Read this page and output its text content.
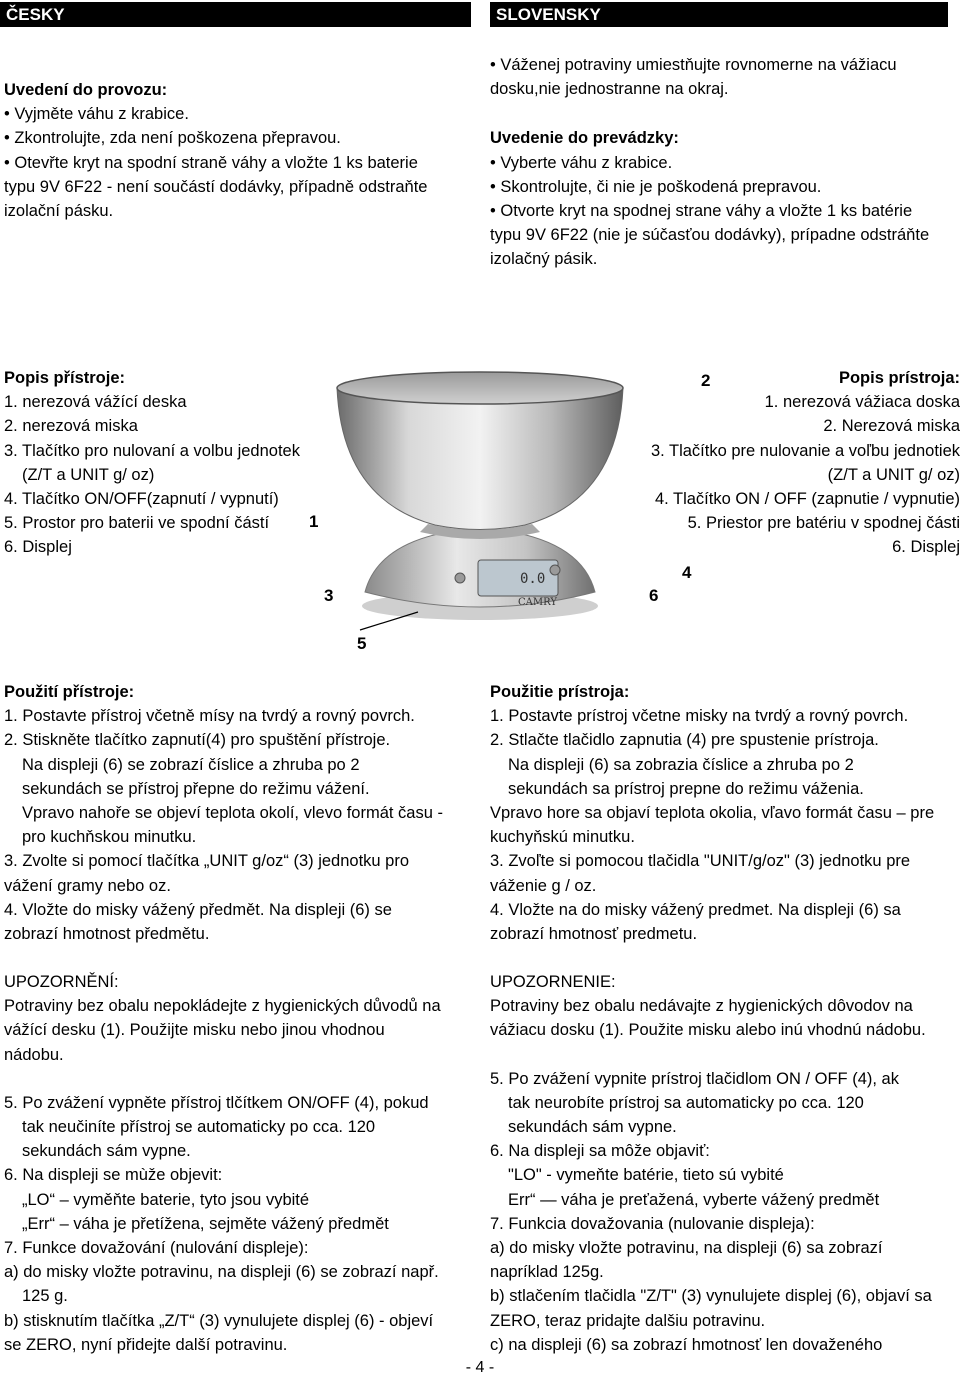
ČESKY	SLOVENSKY

Uvedení do provozu:

• Vyjměte váhu z krabice.

• Zkontrolujte, zda není poškozena přepravou.

• Otevřte kryt na spodní straně váhy a vložte 1 ks baterie

typu 9V 6F22 - není součástí dodávky, případně odstraňte

izolační pásku.

• Váženej potraviny umiestňujte rovnomerne na vážiacu

dosku,nie jednostranne na okraj.

Uvedenie do prevádzky:

• Vyberte váhu z krabice.

• Skontrolujte, či nie je poškodená prepravou.

• Otvorte kryt na spodnej strane váhy a vložte 1 ks batérie

typu 9V 6F22 (nie je súčasťou dodávky), prípadne odstráňte

izolačný pásik.

Popis přístroje:

1. nerezová vážící deska

2. nerezová miska

3. Tlačítko pro nulovaní a volbu jednotek

(Z/T a UNIT g/ oz)

4. Tlačítko ON/OFF(zapnutí / vypnutí)

5. Prostor pro baterii ve spodní částí

6. Displej

Popis prístroja:

1. nerezová vážiaca doska

2. Nerezová miska

3. Tlačítko pre nulovanie a voľbu jednotiek

(Z/T a UNIT g/ oz)

4. Tlačítko ON / OFF (zapnutie / vypnutie)

5. Priestor pre batériu v spodnej části

6. Displej

0.0
CAMRY
1
2
3
4
5
6

Použití přístroje:

1. Postavte přístroj včetně mísy na tvrdý a rovný povrch.

2. Stiskněte tlačítko zapnutí(4) pro spuštění přístroje.

Na displeji (6) se zobrazí číslice a zhruba po 2

sekundách se přístroj přepne do režimu vážení.

Vpravo nahoře se objeví teplota okolí, vlevo formát času -

pro kuchňskou minutku.

3. Zvolte si pomocí tlačítka „UNIT g/oz“ (3) jednotku pro

vážení gramy nebo oz.

4. Vložte do misky vážený předmět. Na displeji (6) se

zobrazí hmotnost předmětu.

Použitie prístroja:

1. Postavte prístroj včetne misky na tvrdý a rovný povrch.

2. Stlačte tlačidlo zapnutia (4) pre spustenie prístroja.

Na displeji (6) sa zobrazia číslice a zhruba po 2

sekundách sa prístroj prepne do režimu váženia.

Vpravo hore sa objaví teplota okolia, vľavo formát času – pre

kuchyňskú minutku.

3. Zvoľte si pomocou tlačidla "UNIT/g/oz" (3) jednotku pre

váženie g / oz.

4. Vložte na do misky vážený predmet. Na displeji (6) sa

zobrazí hmotnosť predmetu.

UPOZORNĚNÍ:

Potraviny bez obalu nepokládejte z hygienických důvodů na

vážící desku (1). Použijte misku nebo jinou vhodnou

nádobu.

5. Po zvážení vypněte přístroj tlčítkem ON/OFF (4), pokud

tak neučiníte přístroj se automaticky po cca. 120

sekundách sám vypne.

6. Na displeji se mùže objevit:

„LO“ – vyměňte baterie, tyto jsou vybité

„Err“ – váha je přetížena, sejměte vážený předmět

7. Funkce dovažování (nulování displeje):

a) do misky vložte potravinu, na displeji (6) se zobrazí např.

125 g.

b) stisknutím tlačítka „Z/T“ (3) vynulujete displej (6) - objeví

se ZERO, nyní přidejte další potravinu.

UPOZORNENIE:

Potraviny bez obalu nedávajte z hygienických dôvodov na

vážiacu dosku (1). Použite misku alebo inú vhodnú nádobu.

5. Po zvážení vypnite prístroj tlačidlom ON / OFF (4), ak

tak neurobíte prístroj sa automaticky po cca. 120

sekundách sám vypne.

6. Na displeji sa môže objaviť:

"LO" - vymeňte batérie, tieto sú vybité

Err“ — váha je preťažená, vyberte vážený predmět

7. Funkcia dovažovania (nulovanie displeja):

a) do misky vložte potravinu, na displeji (6) sa zobrazí

napríklad 125g.

b) stlačením tlačidla "Z/T" (3) vynulujete displej (6), objaví sa

ZERO, teraz pridajte dalšiu potravinu.

c) na displeji (6) sa zobrazí hmotnosť len dovaženého

- 4 -
